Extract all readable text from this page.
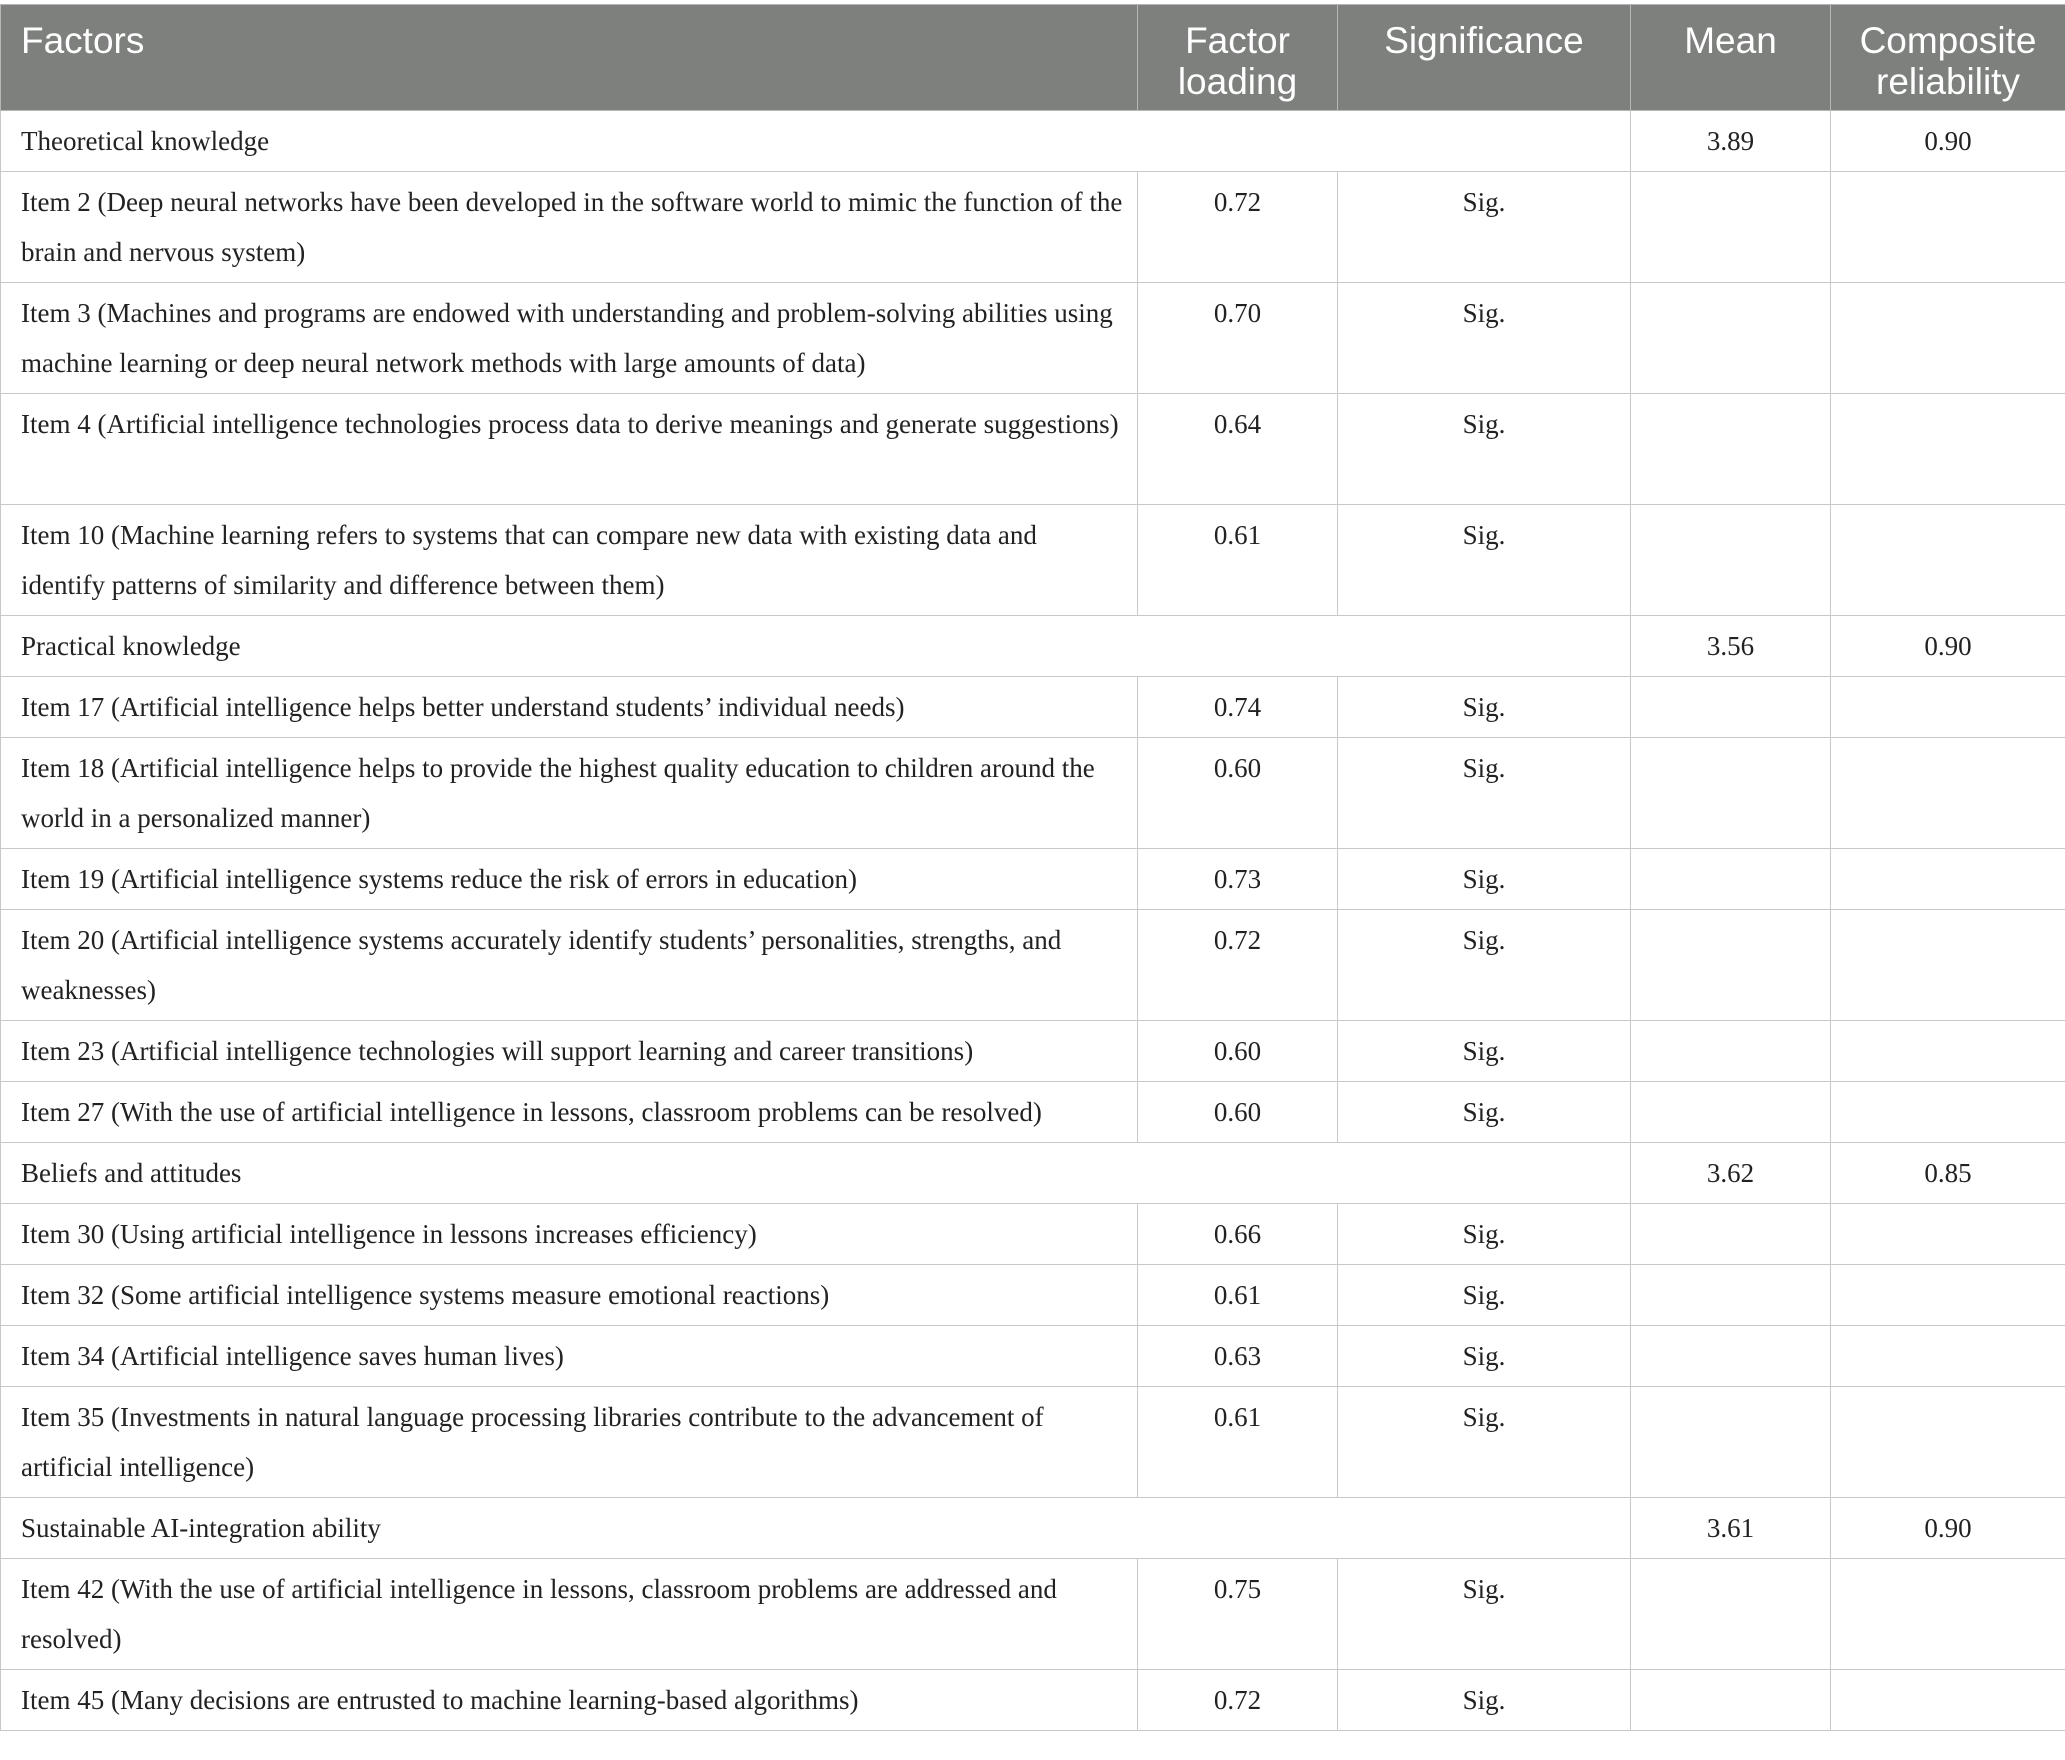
Factors	Factor loading	Significance	Mean	Composite reliability
Theoretical knowledge			3.89	0.90
Item 2 (Deep neural networks have been developed in the software world to mimic the function of the brain and nervous system)	0.72	Sig.		
Item 3 (Machines and programs are endowed with understanding and problem-solving abilities using machine learning or deep neural network methods with large amounts of data)	0.70	Sig.		
Item 4 (Artificial intelligence technologies process data to derive meanings and generate suggestions)	0.64	Sig.		
Item 10 (Machine learning refers to systems that can compare new data with existing data and identify patterns of similarity and difference between them)	0.61	Sig.		
Practical knowledge			3.56	0.90
Item 17 (Artificial intelligence helps better understand students’ individual needs)	0.74	Sig.		
Item 18 (Artificial intelligence helps to provide the highest quality education to children around the world in a personalized manner)	0.60	Sig.		
Item 19 (Artificial intelligence systems reduce the risk of errors in education)	0.73	Sig.		
Item 20 (Artificial intelligence systems accurately identify students’ personalities, strengths, and weaknesses)	0.72	Sig.		
Item 23 (Artificial intelligence technologies will support learning and career transitions)	0.60	Sig.		
Item 27 (With the use of artificial intelligence in lessons, classroom problems can be resolved)	0.60	Sig.		
Beliefs and attitudes			3.62	0.85
Item 30 (Using artificial intelligence in lessons increases efficiency)	0.66	Sig.		
Item 32 (Some artificial intelligence systems measure emotional reactions)	0.61	Sig.		
Item 34 (Artificial intelligence saves human lives)	0.63	Sig.		
Item 35 (Investments in natural language processing libraries contribute to the advancement of artificial intelligence)	0.61	Sig.		
Sustainable AI-integration ability			3.61	0.90
Item 42 (With the use of artificial intelligence in lessons, classroom problems are addressed and resolved)	0.75	Sig.		
Item 45 (Many decisions are entrusted to machine learning-based algorithms)	0.72	Sig.		
